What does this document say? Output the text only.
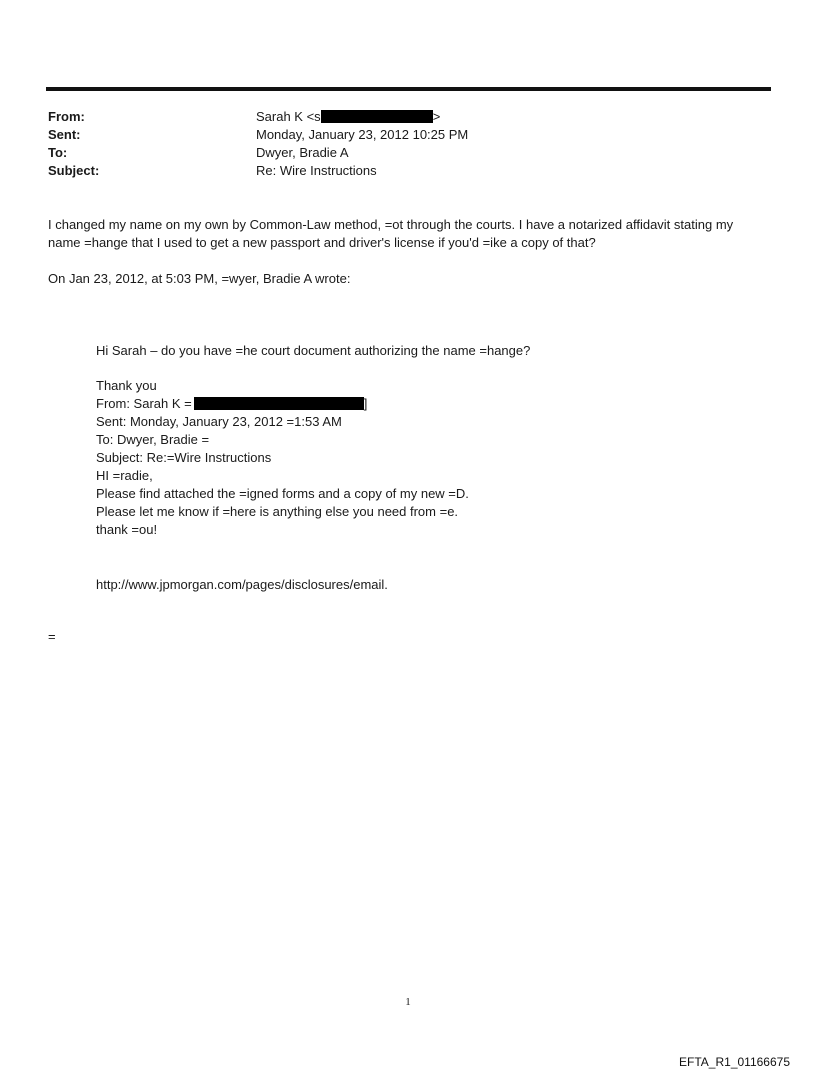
From:	Sarah K <s	>
Sent:	Monday, January 23, 2012 10:25 PM
To:	Dwyer, Bradie A
Subject:	Re: Wire Instructions
I changed my name on my own by Common-Law method, =ot through the courts. I have a notarized affidavit stating my
name =hange that I used to get a new passport and driver's license if you'd =ike a copy of that?
On Jan 23, 2012, at 5:03 PM, =wyer, Bradie A wrote:
Hi Sarah – do you have =he court document authorizing the name =hange?
Thank you
From: Sarah K =	]
Sent: Monday, January 23, 2012 =1:53 AM
To: Dwyer, Bradie =
Subject: Re:=Wire Instructions
HI =radie,
Please find attached the =igned forms and a copy of my new =D.
Please let me know if =here is anything else you need from =e.
thank =ou!
http://www.jpmorgan.com/pages/disclosures/email.
=
1
EFTA_R1_01166675
